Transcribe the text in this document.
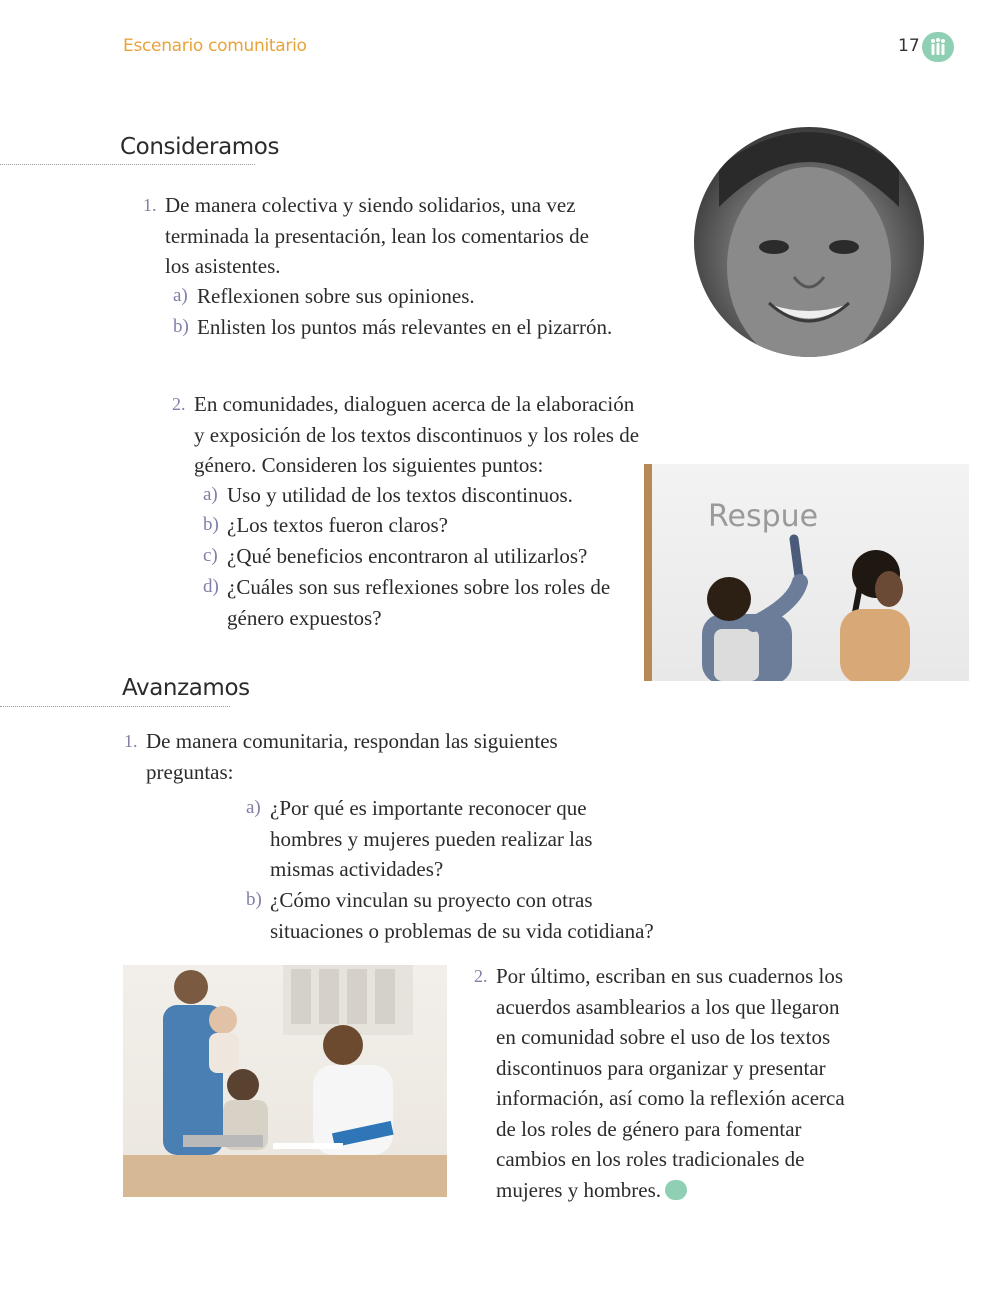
Escenario comunitario	17
Consideramos
1. De manera colectiva y siendo solidarios, una vez
terminada la presentación, lean los comentarios de
los asistentes.
a) Reflexionen sobre sus opiniones.
b) Enlisten los puntos más relevantes en el pizarrón.
2. En comunidades, dialoguen acerca de la elaboración
y exposición de los textos discontinuos y los roles de
género. Consideren los siguientes puntos:
a) Uso y utilidad de los textos discontinuos.
b) ¿Los textos fueron claros?
c) ¿Qué beneficios encontraron al utilizarlos?
d) ¿Cuáles son sus reflexiones sobre los roles de
género expuestos?
Respue
Avanzamos
1. De manera comunitaria, respondan las siguientes
preguntas:
a) ¿Por qué es importante reconocer que
hombres y mujeres pueden realizar las
mismas actividades?
b) ¿Cómo vinculan su proyecto con otras
situaciones o problemas de su vida cotidiana?
2. Por último, escriban en sus cuadernos los
acuerdos asamblearios a los que llegaron
en comunidad sobre el uso de los textos
discontinuos para organizar y presentar
información, así como la reflexión acerca
de los roles de género para fomentar
cambios en los roles tradicionales de
mujeres y hombres.
